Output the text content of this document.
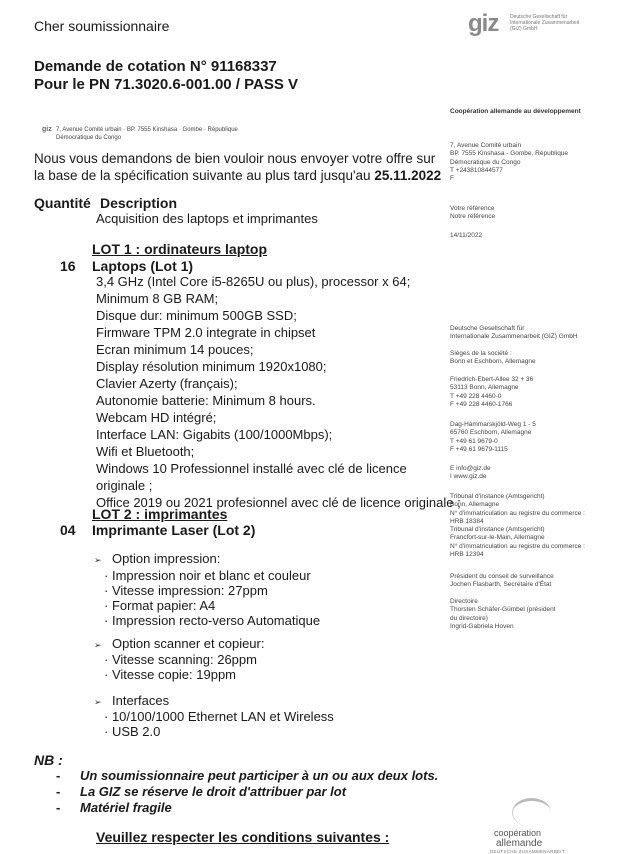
Cher soumissionnaire	giz Deutsche Gesellschaft für Internationale Zusammenarbeit (GIZ) GmbH
Demande de cotation N° 91168337
Pour le PN 71.3020.6-001.00 / PASS V
Coopération allemande au développement
giz 7, Avenue Comité urbain · BP. 7555 Kinshasa · Gombe · République Démocratique du Congo
Nous vous demandons de bien vouloir nous envoyer votre offre sur la base de la spécification suivante au plus tard jusqu'au 25.11.2022
7, Avenue Comité urbain
BP. 7555 Kinshasa - Gombe, République
Démocratique du Congo
T +243810844577
F
Votre référence
Notre référence
14/11/2022
Deutsche Gesellschaft für
Internationale Zusammenarbeit (GIZ) GmbH
Sièges de la société :
Bonn et Eschborn, Allemagne
Friedrich-Ebert-Allee 32 + 36
53113 Bonn, Allemagne
T +49 228 4460-0
F +49 228 4460-1766
Dag-Hammarskjöld-Weg 1 - 5
65760 Eschborn, Allemagne
T +49 61 9679-0
F +49 61 9679-1115
E info@giz.de
I www.giz.de
Tribunal d'instance (Amtsgericht)
Bonn, Allemagne
N° d'immatriculation au registre du commerce :
HRB 18384
Tribunal d'instance (Amtsgericht)
Francfort-sur-le-Main, Allemagne
N° d'immatriculation au registre du commerce :
HRB 12394
Président du conseil de surveillance
Jochen Flasbarth, Secrétaire d'État
Directoire
Thorsten Schäfer-Gümbel (président
du directoire)
Ingrid-Gabriela Hoven
Quantité Description
Acquisition des laptops et imprimantes
LOT 1 : ordinateurs laptop
16 Laptops (Lot 1)
3,4 GHz (Intel Core i5-8265U ou plus), processor x 64;
Minimum 8 GB RAM;
Disque dur: minimum 500GB SSD;
Firmware TPM 2.0 integrate in chipset
Ecran minimum 14 pouces;
Display résolution minimum 1920x1080;
Clavier Azerty (français);
Autonomie batterie: Minimum 8 hours.
Webcam HD intégré;
Interface LAN: Gigabits (100/1000Mbps);
Wifi et Bluetooth;
Windows 10 Professionnel installé avec clé de licence
originale ;
Office 2019 ou 2021 profesionnel avec clé de licence originale ;
LOT 2 : imprimantes
04 Imprimante Laser (Lot 2)
➢ Option impression:
· Impression noir et blanc et couleur
· Vitesse impression: 27ppm
· Format papier: A4
· Impression recto-verso Automatique
➢ Option scanner et copieur:
· Vitesse scanning: 26ppm
· Vitesse copie: 19ppm
➢ Interfaces
· 10/100/1000 Ethernet LAN et Wireless
· USB 2.0
NB :
- Un soumissionnaire peut participer à un ou aux deux lots.
- La GIZ se réserve le droit d'attribuer par lot
- Matériel fragile
Veuillez respecter les conditions suivantes :	coopération
allemande
DEUTSCHE ZUSAMMENARBEIT
